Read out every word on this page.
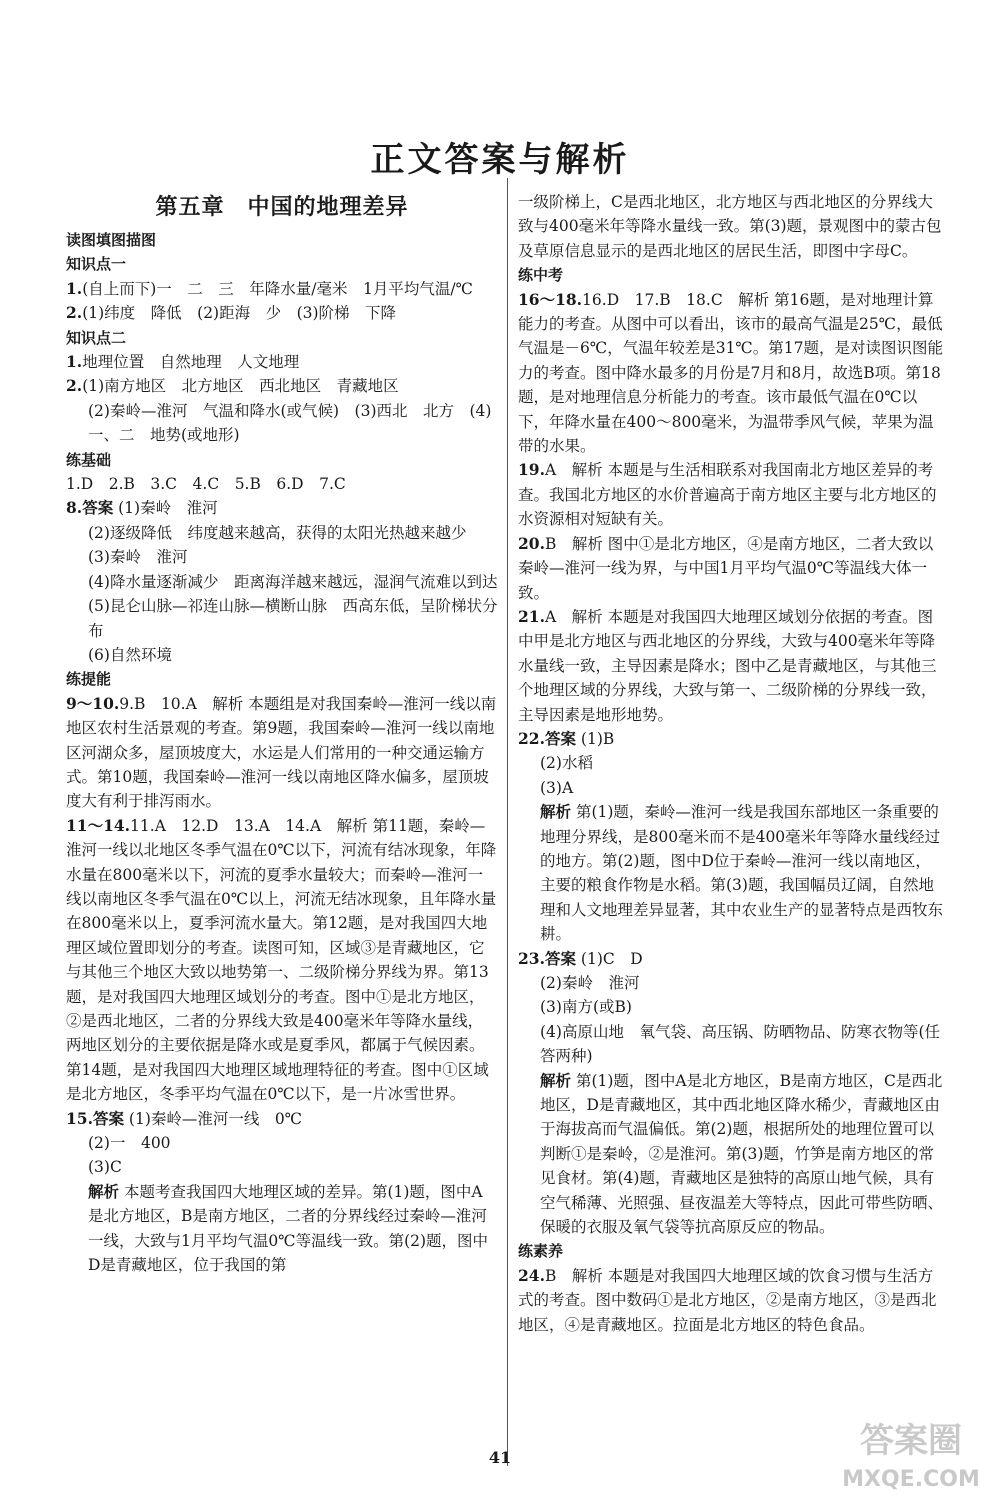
正文答案与解析

第五章　中国的地理差异

读图填图描图

知识点一

1.(自上而下)一　二　三　年降水量/毫米　1月平均气温/℃

2.(1)纬度　降低　(2)距海　少　(3)阶梯　下降

知识点二

1.地理位置　自然地理　人文地理

2.(1)南方地区　北方地区　西北地区　青藏地区

(2)秦岭—淮河　气温和降水(或气候)　(3)西北　北方　(4)一、二　地势(或地形)

练基础

1.D　2.B　3.C　4.C　5.B　6.D　7.C

8.答案 (1)秦岭　淮河

(2)逐级降低　纬度越来越高，获得的太阳光热越来越少

(3)秦岭　淮河

(4)降水量逐渐减少　距离海洋越来越远，湿润气流难以到达

(5)昆仑山脉—祁连山脉—横断山脉　西高东低，呈阶梯状分布

(6)自然环境

练提能

9～10.9.B　10.A　解析 本题组是对我国秦岭—淮河一线以南地区农村生活景观的考查。第9题，我国秦岭—淮河一线以南地区河湖众多，屋顶坡度大，水运是人们常用的一种交通运输方式。第10题，我国秦岭—淮河一线以南地区降水偏多，屋顶坡度大有利于排泻雨水。

11～14.11.A　12.D　13.A　14.A　解析 第11题，秦岭—淮河一线以北地区冬季气温在0℃以下，河流有结冰现象，年降水量在800毫米以下，河流的夏季水量较大；而秦岭—淮河一线以南地区冬季气温在0℃以上，河流无结冰现象，且年降水量在800毫米以上，夏季河流水量大。第12题，是对我国四大地理区域位置即划分的考查。读图可知，区域③是青藏地区，它与其他三个地区大致以地势第一、二级阶梯分界线为界。第13题，是对我国四大地理区域划分的考查。图中①是北方地区，②是西北地区，二者的分界线大致是400毫米年等降水量线，两地区划分的主要依据是降水或是夏季风，都属于气候因素。第14题，是对我国四大地理区域地理特征的考查。图中①区域是北方地区，冬季平均气温在0℃以下，是一片冰雪世界。

15.答案 (1)秦岭—淮河一线　0℃

(2)一　400

(3)C

解析 本题考查我国四大地理区域的差异。第(1)题，图中A是北方地区，B是南方地区，二者的分界线经过秦岭—淮河一线，大致与1月平均气温0℃等温线一致。第(2)题，图中D是青藏地区，位于我国的第

一级阶梯上，C是西北地区，北方地区与西北地区的分界线大致与400毫米年等降水量线一致。第(3)题，景观图中的蒙古包及草原信息显示的是西北地区的居民生活，即图中字母C。

练中考

16～18.16.D　17.B　18.C　解析 第16题，是对地理计算能力的考查。从图中可以看出，该市的最高气温是25℃，最低气温是－6℃，气温年较差是31℃。第17题，是对读图识图能力的考查。图中降水最多的月份是7月和8月，故选B项。第18题，是对地理信息分析能力的考查。该市最低气温在0℃以下，年降水量在400～800毫米，为温带季风气候，苹果为温带的水果。

19.A　解析 本题是与生活相联系对我国南北方地区差异的考查。我国北方地区的水价普遍高于南方地区主要与北方地区的水资源相对短缺有关。

20.B　解析 图中①是北方地区，④是南方地区，二者大致以秦岭—淮河一线为界，与中国1月平均气温0℃等温线大体一致。

21.A　解析 本题是对我国四大地理区域划分依据的考查。图中甲是北方地区与西北地区的分界线，大致与400毫米年等降水量线一致，主导因素是降水；图中乙是青藏地区，与其他三个地理区域的分界线，大致与第一、二级阶梯的分界线一致，主导因素是地形地势。

22.答案 (1)B

(2)水稻

(3)A

解析 第(1)题，秦岭—淮河一线是我国东部地区一条重要的地理分界线，是800毫米而不是400毫米年等降水量线经过的地方。第(2)题，图中D位于秦岭—淮河一线以南地区，主要的粮食作物是水稻。第(3)题，我国幅员辽阔，自然地理和人文地理差异显著，其中农业生产的显著特点是西牧东耕。

23.答案 (1)C　D

(2)秦岭　淮河

(3)南方(或B)

(4)高原山地　氧气袋、高压锅、防晒物品、防寒衣物等(任答两种)

解析 第(1)题，图中A是北方地区，B是南方地区，C是西北地区，D是青藏地区，其中西北地区降水稀少，青藏地区由于海拔高而气温偏低。第(2)题，根据所处的地理位置可以判断①是秦岭，②是淮河。第(3)题，竹笋是南方地区的常见食材。第(4)题，青藏地区是独特的高原山地气候，具有空气稀薄、光照强、昼夜温差大等特点，因此可带些防晒、保暖的衣服及氧气袋等抗高原反应的物品。

练素养

24.B　解析 本题是对我国四大地理区域的饮食习惯与生活方式的考查。图中数码①是北方地区，②是南方地区，③是西北地区，④是青藏地区。拉面是北方地区的特色食品。

41	答案圈
MXQE.COM
